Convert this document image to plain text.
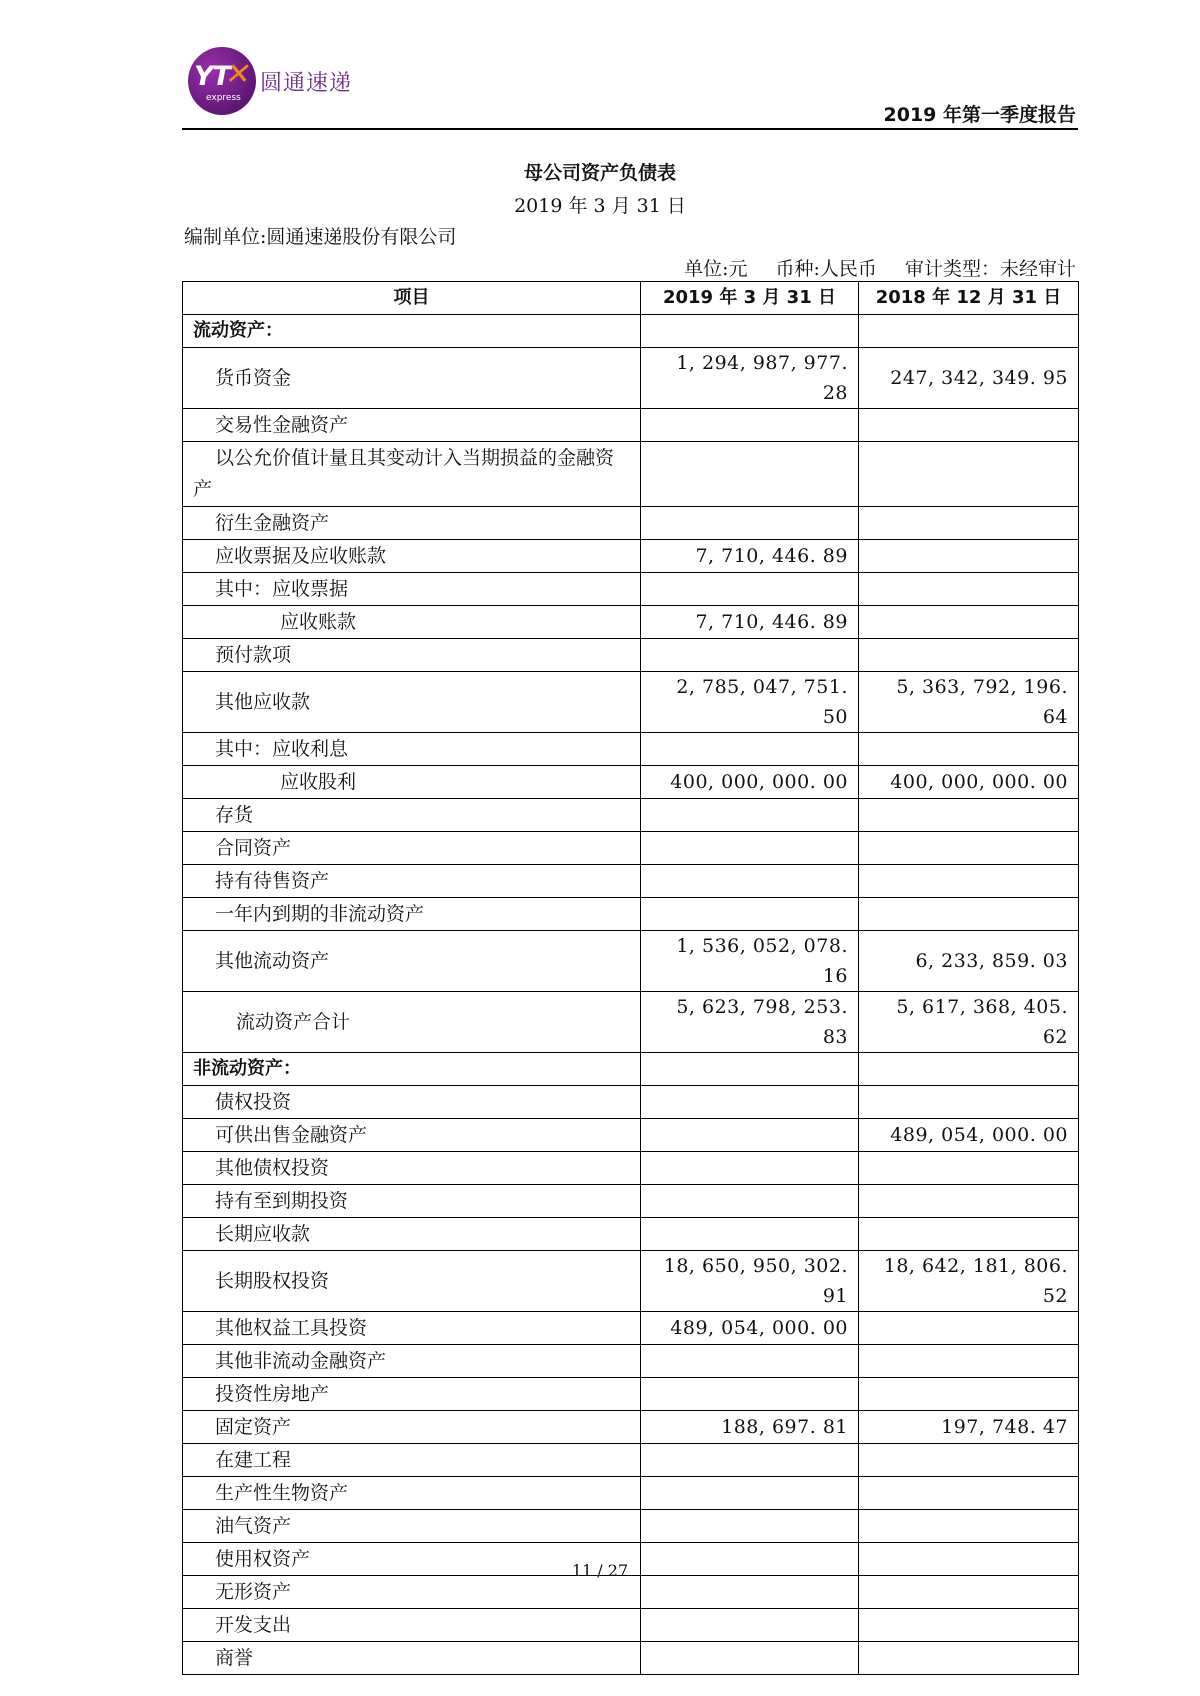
YT
✕
express
圆通速递
2019 年第一季度报告
母公司资产负债表
2019 年 3 月 31 日
编制单位:圆通速递股份有限公司
单位:元 币种:人民币 审计类型：未经审计
项目	2019 年 3 月 31 日	2018 年 12 月 31 日
流动资产：		
货币资金	1, 294, 987, 977. 28	247, 342, 349. 95
交易性金融资产		
以公允价值计量且其变动计入当期损益的金融资产		
衍生金融资产		
应收票据及应收账款	7, 710, 446. 89	
其中：应收票据		
应收账款	7, 710, 446. 89	
预付款项		
其他应收款	2, 785, 047, 751. 50	5, 363, 792, 196. 64
其中：应收利息		
应收股利	400, 000, 000. 00	400, 000, 000. 00
存货		
合同资产		
持有待售资产		
一年内到期的非流动资产		
其他流动资产	1, 536, 052, 078. 16	6, 233, 859. 03
流动资产合计	5, 623, 798, 253. 83	5, 617, 368, 405. 62
非流动资产：		
债权投资		
可供出售金融资产		489, 054, 000. 00
其他债权投资		
持有至到期投资		
长期应收款		
长期股权投资	18, 650, 950, 302. 91	18, 642, 181, 806. 52
其他权益工具投资	489, 054, 000. 00	
其他非流动金融资产		
投资性房地产		
固定资产	188, 697. 81	197, 748. 47
在建工程		
生产性生物资产		
油气资产		
使用权资产		
无形资产		
开发支出		
商誉		
11 / 27
